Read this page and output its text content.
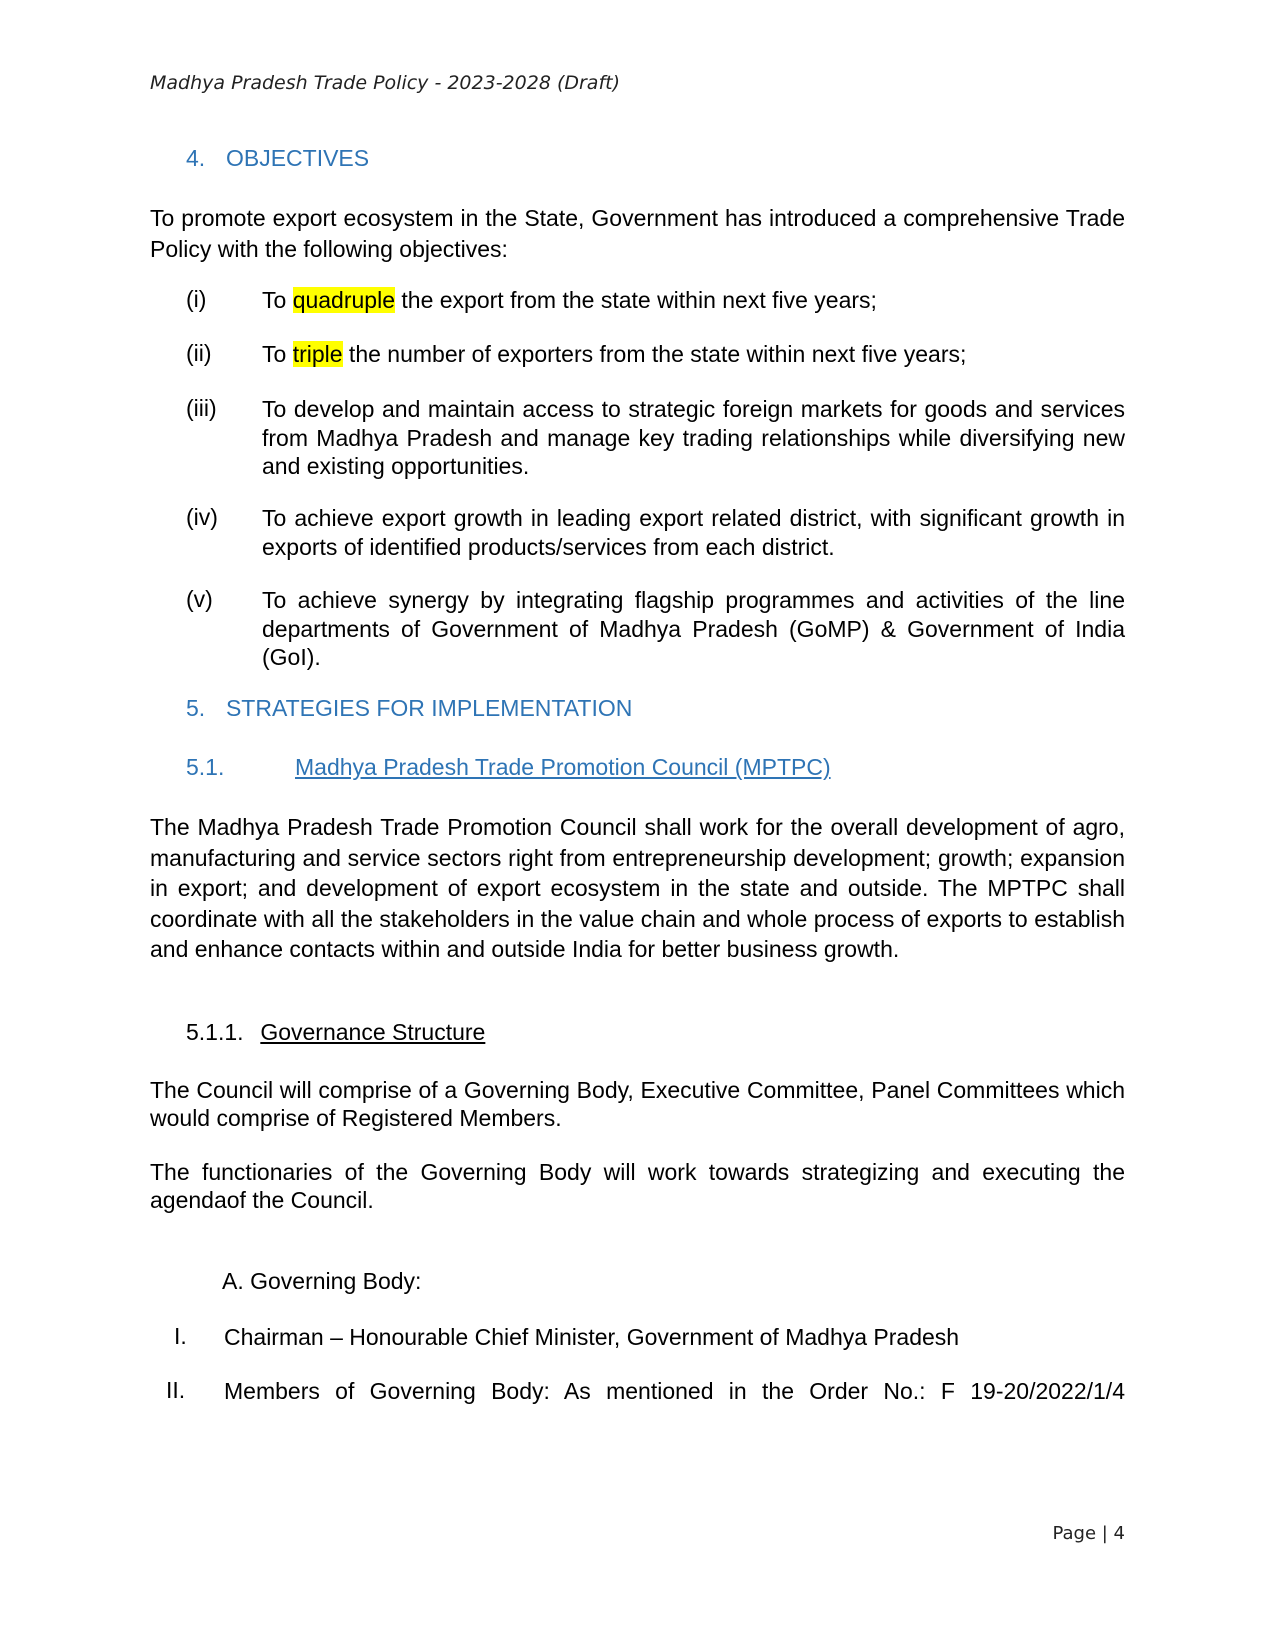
Madhya Pradesh Trade Policy - 2023-2028 (Draft)
4. OBJECTIVES
To promote export ecosystem in the State, Government has introduced a comprehensive Trade Policy with the following objectives:
(i) To quadruple the export from the state within next five years;
(ii) To triple the number of exporters from the state within next five years;
(iii) To develop and maintain access to strategic foreign markets for goods and services from Madhya Pradesh and manage key trading relationships while diversifying new and existing opportunities.
(iv) To achieve export growth in leading export related district, with significant growth in exports of identified products/services from each district.
(v) To achieve synergy by integrating flagship programmes and activities of the line departments of Government of Madhya Pradesh (GoMP) & Government of India (GoI).
5. STRATEGIES FOR IMPLEMENTATION
5.1.	Madhya Pradesh Trade Promotion Council (MPTPC)
The Madhya Pradesh Trade Promotion Council shall work for the overall development of agro, manufacturing and service sectors right from entrepreneurship development; growth; expansion in export; and development of export ecosystem in the state and outside. The MPTPC shall coordinate with all the stakeholders in the value chain and whole process of exports to establish and enhance contacts within and outside India for better business growth.
5.1.1. Governance Structure
The Council will comprise of a Governing Body, Executive Committee, Panel Committees which would comprise of Registered Members.
The functionaries of the Governing Body will work towards strategizing and executing the agendaof the Council.
A. Governing Body:
I. Chairman – Honourable Chief Minister, Government of Madhya Pradesh
II. Members of Governing Body: As mentioned in the Order No.: F 19-20/2022/1/4
Page | 4
